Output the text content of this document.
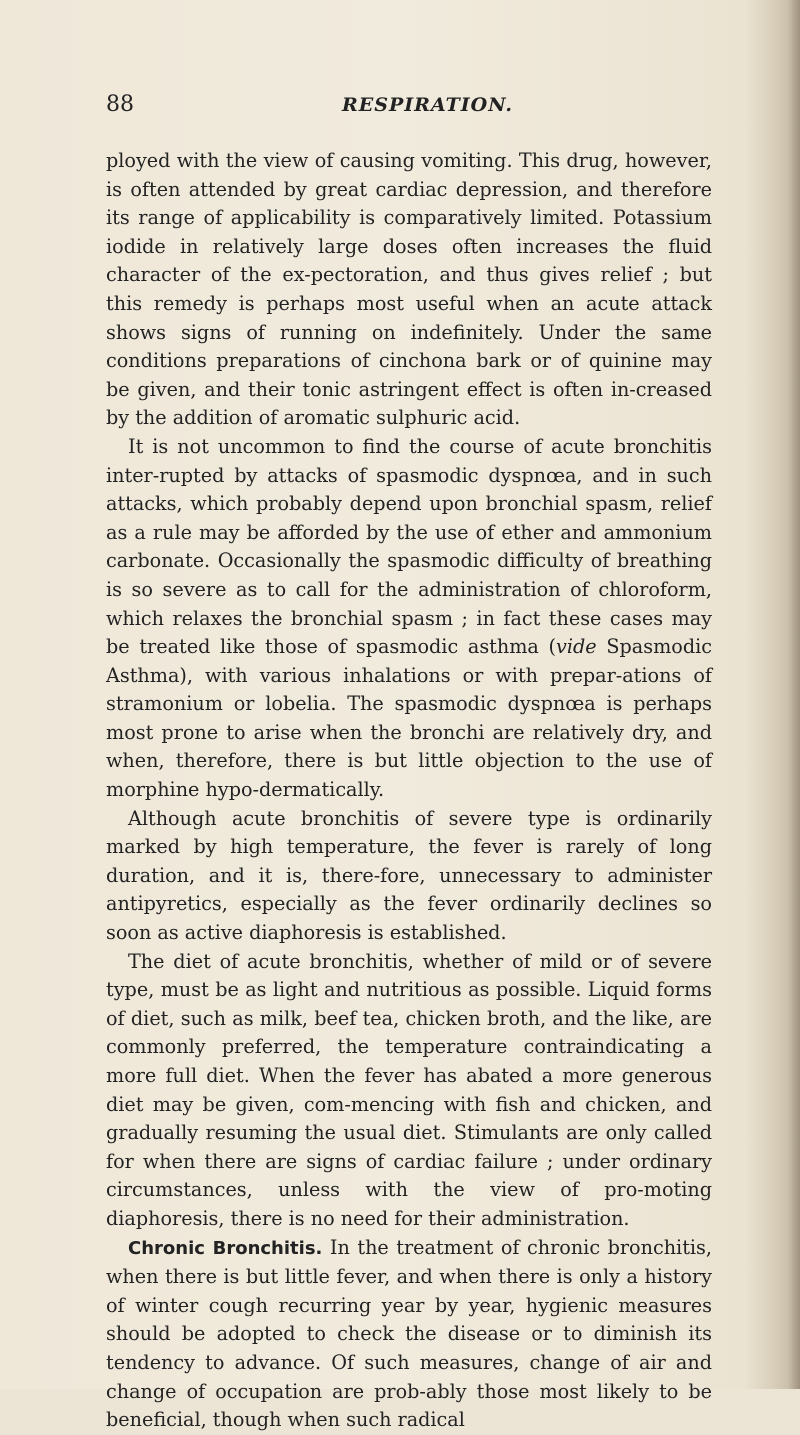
88	RESPIRATION.

ployed with the view of causing vomiting. This drug, however, is often attended by great cardiac depression, and therefore its range of applicability is comparatively limited. Potassium iodide in relatively large doses often increases the fluid character of the ex-pectoration, and thus gives relief ; but this remedy is perhaps most useful when an acute attack shows signs of running on indefinitely. Under the same conditions preparations of cinchona bark or of quinine may be given, and their tonic astringent effect is often in-creased by the addition of aromatic sulphuric acid.

It is not uncommon to find the course of acute bronchitis inter-rupted by attacks of spasmodic dyspnœa, and in such attacks, which probably depend upon bronchial spasm, relief as a rule may be afforded by the use of ether and ammonium carbonate. Occasionally the spasmodic difficulty of breathing is so severe as to call for the administration of chloroform, which relaxes the bronchial spasm ; in fact these cases may be treated like those of spasmodic asthma (vide Spasmodic Asthma), with various inhalations or with prepar-ations of stramonium or lobelia. The spasmodic dyspnœa is perhaps most prone to arise when the bronchi are relatively dry, and when, therefore, there is but little objection to the use of morphine hypo-dermatically.

Although acute bronchitis of severe type is ordinarily marked by high temperature, the fever is rarely of long duration, and it is, there-fore, unnecessary to administer antipyretics, especially as the fever ordinarily declines so soon as active diaphoresis is established.

The diet of acute bronchitis, whether of mild or of severe type, must be as light and nutritious as possible. Liquid forms of diet, such as milk, beef tea, chicken broth, and the like, are commonly preferred, the temperature contraindicating a more full diet. When the fever has abated a more generous diet may be given, com-mencing with fish and chicken, and gradually resuming the usual diet. Stimulants are only called for when there are signs of cardiac failure ; under ordinary circumstances, unless with the view of pro-moting diaphoresis, there is no need for their administration.

Chronic Bronchitis. In the treatment of chronic bronchitis, when there is but little fever, and when there is only a history of winter cough recurring year by year, hygienic measures should be adopted to check the disease or to diminish its tendency to advance. Of such measures, change of air and change of occupation are prob-ably those most likely to be beneficial, though when such radical
